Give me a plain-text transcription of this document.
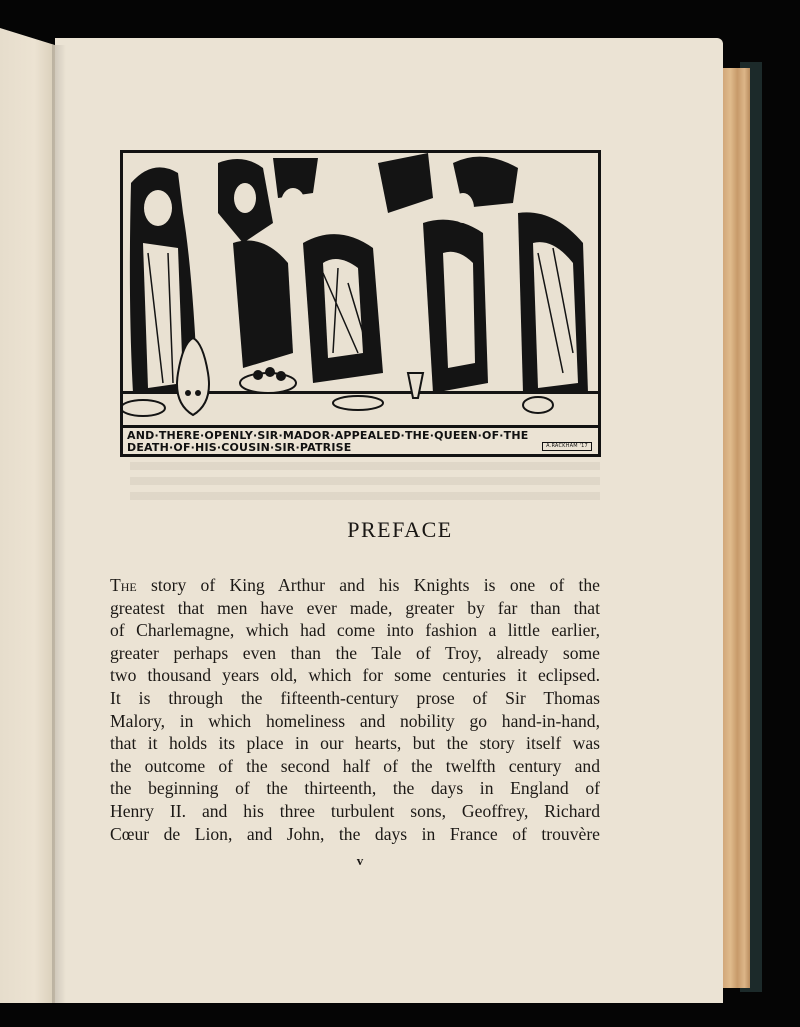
AND·THERE·OPENLY·SIR·MADOR·APPEALED·THE·QUEEN·OF·THE
DEATH·OF·HIS·COUSIN·SIR·PATRISE	A.RACKHAM '17
PREFACE
The story of King Arthur and his Knights is one of the
greatest that men have ever made, greater by far than that
of Charlemagne, which had come into fashion a little earlier,
greater perhaps even than the Tale of Troy, already some
two thousand years old, which for some centuries it eclipsed.
It is through the fifteenth-century prose of Sir Thomas
Malory, in which homeliness and nobility go hand-in-hand,
that it holds its place in our hearts, but the story itself was
the outcome of the second half of the twelfth century and
the beginning of the thirteenth, the days in England of
Henry II. and his three turbulent sons, Geoffrey, Richard
Cœur de Lion, and John, the days in France of trouvère
v
